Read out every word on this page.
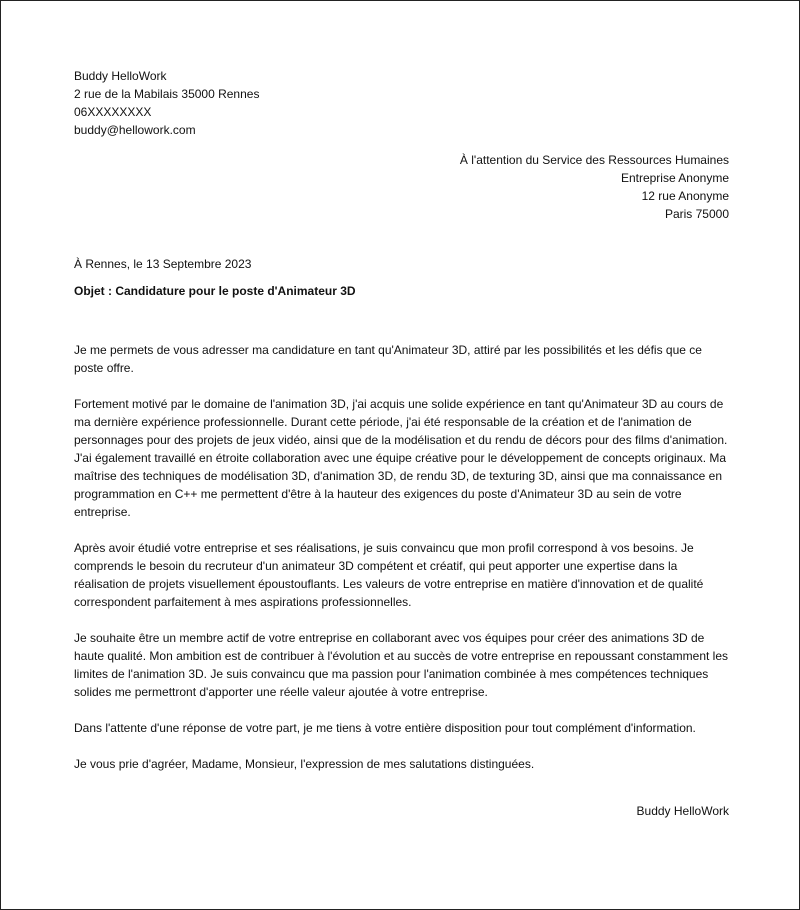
Buddy HelloWork
2 rue de la Mabilais 35000 Rennes
06XXXXXXXX
buddy@hellowork.com
À l'attention du Service des Ressources Humaines
Entreprise Anonyme
12 rue Anonyme
Paris 75000
À Rennes, le 13 Septembre 2023
Objet : Candidature pour le poste d'Animateur 3D

Je me permets de vous adresser ma candidature en tant qu'Animateur 3D, attiré par les possibilités et les défis que ce poste offre.

Fortement motivé par le domaine de l'animation 3D, j'ai acquis une solide expérience en tant qu'Animateur 3D au cours de ma dernière expérience professionnelle. Durant cette période, j'ai été responsable de la création et de l'animation de personnages pour des projets de jeux vidéo, ainsi que de la modélisation et du rendu de décors pour des films d'animation. J'ai également travaillé en étroite collaboration avec une équipe créative pour le développement de concepts originaux. Ma maîtrise des techniques de modélisation 3D, d'animation 3D, de rendu 3D, de texturing 3D, ainsi que ma connaissance en programmation en C++ me permettent d'être à la hauteur des exigences du poste d'Animateur 3D au sein de votre entreprise.

Après avoir étudié votre entreprise et ses réalisations, je suis convaincu que mon profil correspond à vos besoins. Je comprends le besoin du recruteur d'un animateur 3D compétent et créatif, qui peut apporter une expertise dans la réalisation de projets visuellement époustouflants. Les valeurs de votre entreprise en matière d'innovation et de qualité correspondent parfaitement à mes aspirations professionnelles.

Je souhaite être un membre actif de votre entreprise en collaborant avec vos équipes pour créer des animations 3D de haute qualité. Mon ambition est de contribuer à l'évolution et au succès de votre entreprise en repoussant constamment les limites de l'animation 3D. Je suis convaincu que ma passion pour l'animation combinée à mes compétences techniques solides me permettront d'apporter une réelle valeur ajoutée à votre entreprise.

Dans l'attente d'une réponse de votre part, je me tiens à votre entière disposition pour tout complément d'information.

Je vous prie d'agréer, Madame, Monsieur, l'expression de mes salutations distinguées.

Buddy HelloWork
